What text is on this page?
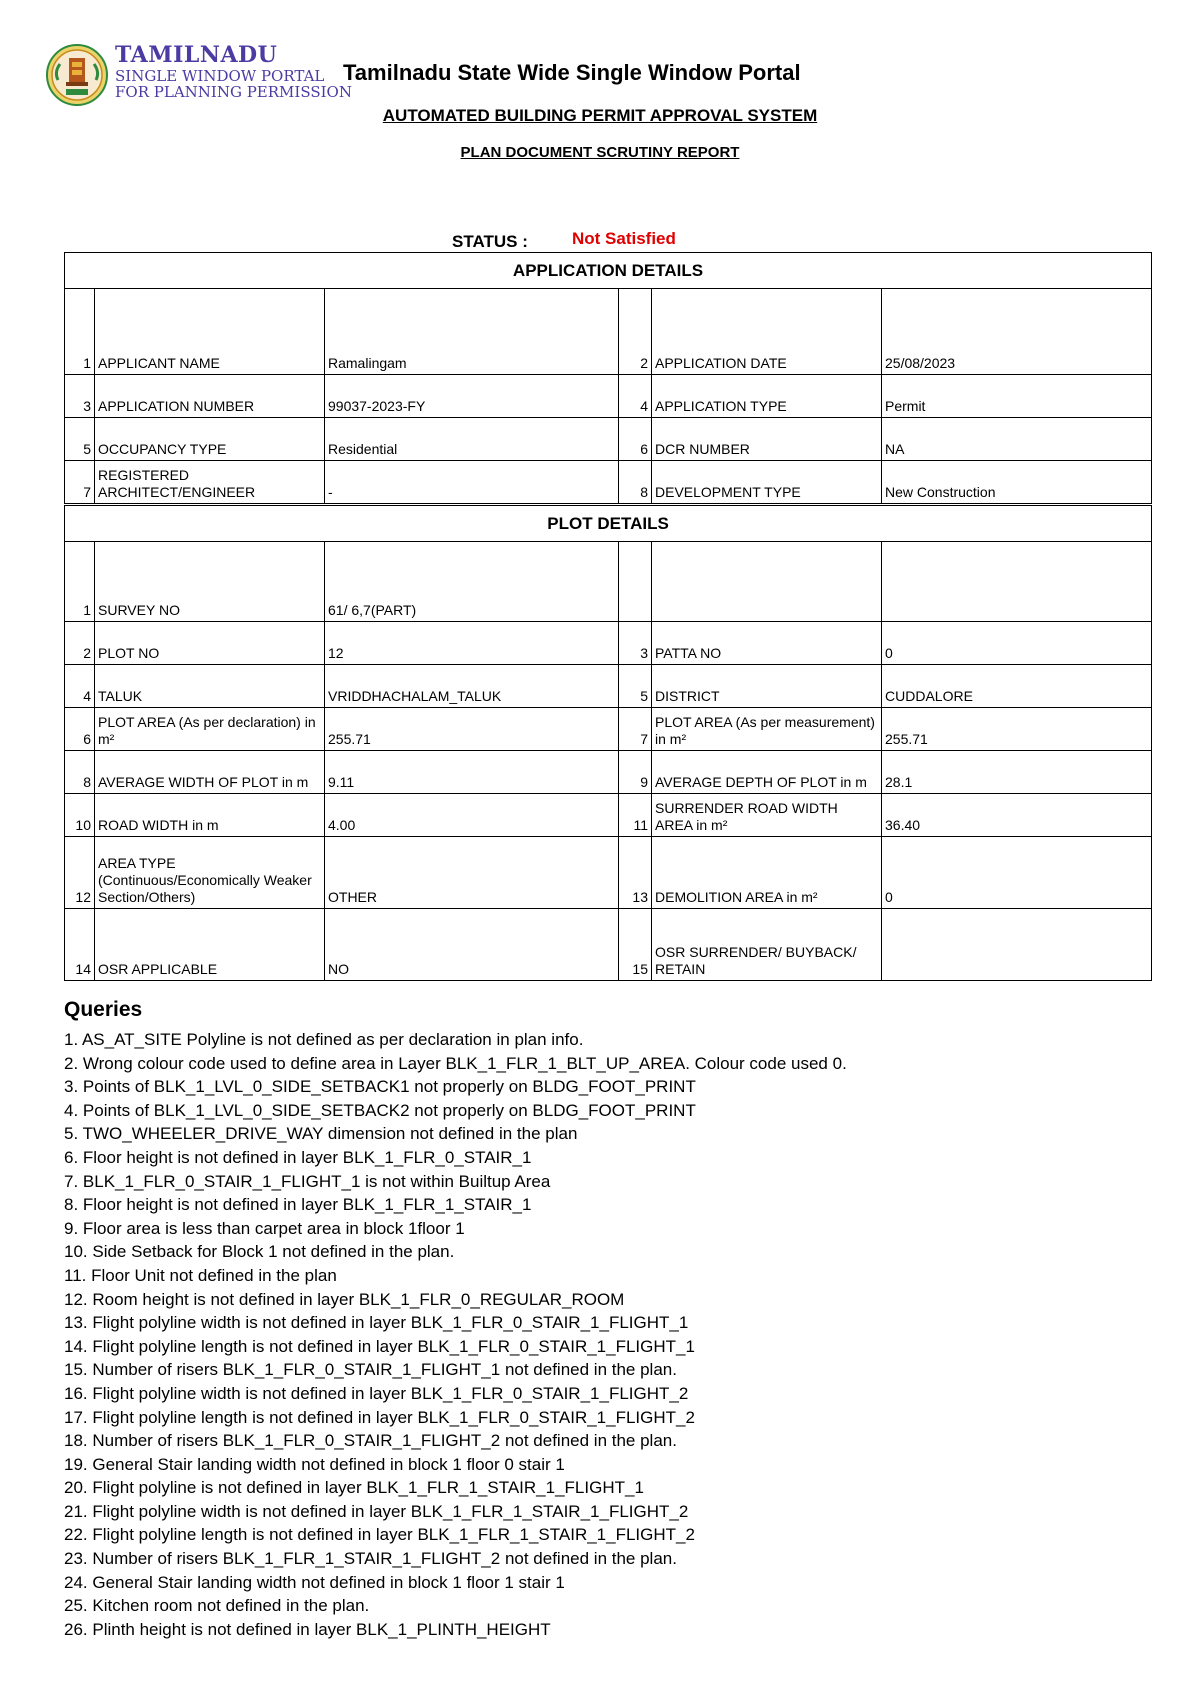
TAMILNADU
SINGLE WINDOW PORTAL
FOR PLANNING PERMISSION
Tamilnadu State Wide Single Window Portal
AUTOMATED BUILDING PERMIT APPROVAL SYSTEM
PLAN DOCUMENT SCRUTINY REPORT
STATUS :	Not Satisfied
APPLICATION DETAILS					
1	APPLICANT NAME	Ramalingam	2	APPLICATION DATE	25/08/2023
3	APPLICATION NUMBER	99037-2023-FY	4	APPLICATION TYPE	Permit
5	OCCUPANCY TYPE	Residential	6	DCR NUMBER	NA
7	REGISTERED ARCHITECT/ENGINEER	-	8	DEVELOPMENT TYPE	New Construction
PLOT DETAILS					
1	SURVEY NO	61/ 6,7(PART)			
2	PLOT NO	12	3	PATTA NO	0
4	TALUK	VRIDDHACHALAM_TALUK	5	DISTRICT	CUDDALORE
6	PLOT AREA (As per declaration) in m²	255.71	7	PLOT AREA (As per measurement) in m²	255.71
8	AVERAGE WIDTH OF PLOT in m	9.11	9	AVERAGE DEPTH OF PLOT in m	28.1
10	ROAD WIDTH in m	4.00	11	SURRENDER ROAD WIDTH AREA in m²	36.40
12	AREA TYPE (Continuous/Economically Weaker Section/Others)	OTHER	13	DEMOLITION AREA in m²	0
14	OSR APPLICABLE	NO	15	OSR SURRENDER/ BUYBACK/ RETAIN	
Queries
1. AS_AT_SITE Polyline is not defined as per declaration in plan info.
2. Wrong colour code used to define area in Layer BLK_1_FLR_1_BLT_UP_AREA. Colour code used 0.
3. Points of BLK_1_LVL_0_SIDE_SETBACK1 not properly on BLDG_FOOT_PRINT
4. Points of BLK_1_LVL_0_SIDE_SETBACK2 not properly on BLDG_FOOT_PRINT
5. TWO_WHEELER_DRIVE_WAY dimension not defined in the plan
6. Floor height is not defined in layer BLK_1_FLR_0_STAIR_1
7. BLK_1_FLR_0_STAIR_1_FLIGHT_1 is not within Builtup Area
8. Floor height is not defined in layer BLK_1_FLR_1_STAIR_1
9. Floor area is less than carpet area in block 1floor 1
10. Side Setback for Block 1 not defined in the plan.
11. Floor Unit not defined in the plan
12. Room height is not defined in layer BLK_1_FLR_0_REGULAR_ROOM
13. Flight polyline width is not defined in layer BLK_1_FLR_0_STAIR_1_FLIGHT_1
14. Flight polyline length is not defined in layer BLK_1_FLR_0_STAIR_1_FLIGHT_1
15. Number of risers BLK_1_FLR_0_STAIR_1_FLIGHT_1 not defined in the plan.
16. Flight polyline width is not defined in layer BLK_1_FLR_0_STAIR_1_FLIGHT_2
17. Flight polyline length is not defined in layer BLK_1_FLR_0_STAIR_1_FLIGHT_2
18. Number of risers BLK_1_FLR_0_STAIR_1_FLIGHT_2 not defined in the plan.
19. General Stair landing width not defined in block 1 floor 0 stair 1
20. Flight polyline is not defined in layer BLK_1_FLR_1_STAIR_1_FLIGHT_1
21. Flight polyline width is not defined in layer BLK_1_FLR_1_STAIR_1_FLIGHT_2
22. Flight polyline length is not defined in layer BLK_1_FLR_1_STAIR_1_FLIGHT_2
23. Number of risers BLK_1_FLR_1_STAIR_1_FLIGHT_2 not defined in the plan.
24. General Stair landing width not defined in block 1 floor 1 stair 1
25. Kitchen room not defined in the plan.
26. Plinth height is not defined in layer BLK_1_PLINTH_HEIGHT
